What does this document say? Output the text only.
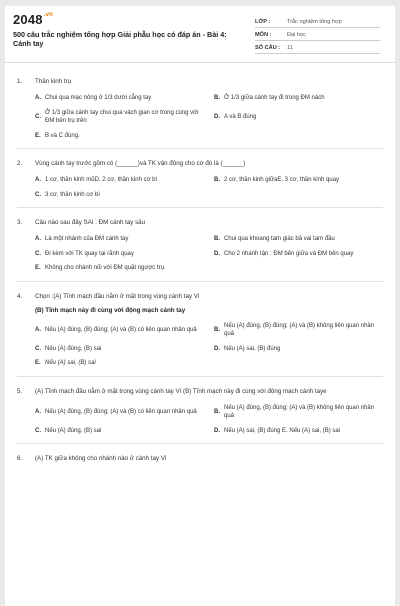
$2048^{.vn}$
500 câu trắc nghiệm tổng hợp Giải phẫu học có đáp án - Bài 4: Cánh tay
LỚP :	Trắc nghiệm tổng hợp
MÔN :	Đại học
SỐ CÂU :	11
1.	Thần kinh trụ
A. Chui qua mạc nông ở 1/3 dưới cẳng tay	B. Ở 1/3 giữa cánh tay đi trong ĐM nách
C.
Ở 1/3 giữa cánh tay chui qua vách gian cơ trong cùng với ĐM bên trụ trên
D. A và B đúng
E. B và C đúng.
2.	Vùng cánh tay trước gồm có (______)và TK vận động cho cơ đó là (______)
A. 1 cơ, thần kinh mũD. 2 cơ, thần kinh cơ bì	B. 2 cơ, thần kinh giữaE. 3 cơ, thần kinh quay
C. 3 cơ, thần kinh cơ bì
3.	Câu nào sau đây SAI : ĐM cánh tay sâu
A. Là một nhánh của ĐM cánh tay	B. Chui qua khoang tam giác bả vai tam đầu
C. Đi kèm với TK quay tại rãnh quay	D. Cho 2 nhánh tận : ĐM bên giữa và ĐM bên quay
E. Không cho nhánh nối với ĐM quặt ngược trụ.
4.	Chọn :(A) Tĩnh mạch đầu nằm ở mặt trong vùng cánh tay Vì
(B) Tĩnh mạch này đi cùng với động mạch cánh tay
A. Nếu (A) đúng, (B) đúng; (A) và (B) có liên quan nhân quả	B.
Nếu (A) đúng, (B) đúng; (A) và (B) không liên quan nhân quả
C. Nếu (A) đúng, (B) sai	D. Nếu (A) sai, (B) đúng
E. Nếu (A) sai, (B) sai
5.	(A) Tĩnh mạch đầu nằm ở mặt trong vùng cánh tay Vì (B) Tĩnh mạch này đi cùng với động mạch cánh taye
A. Nếu (A) đúng, (B) đúng; (A) và (B) có liên quan nhân quả	B.
Nếu (A) đúng, (B) đúng; (A) và (B) không liên quan nhân quả
C. Nếu (A) đúng, (B) sai	D. Nếu (A) sai, (B) đúng E. Nếu (A) sai, (B) sai
6.	(A) TK giữa không cho nhánh nào ở cánh tay Vì
